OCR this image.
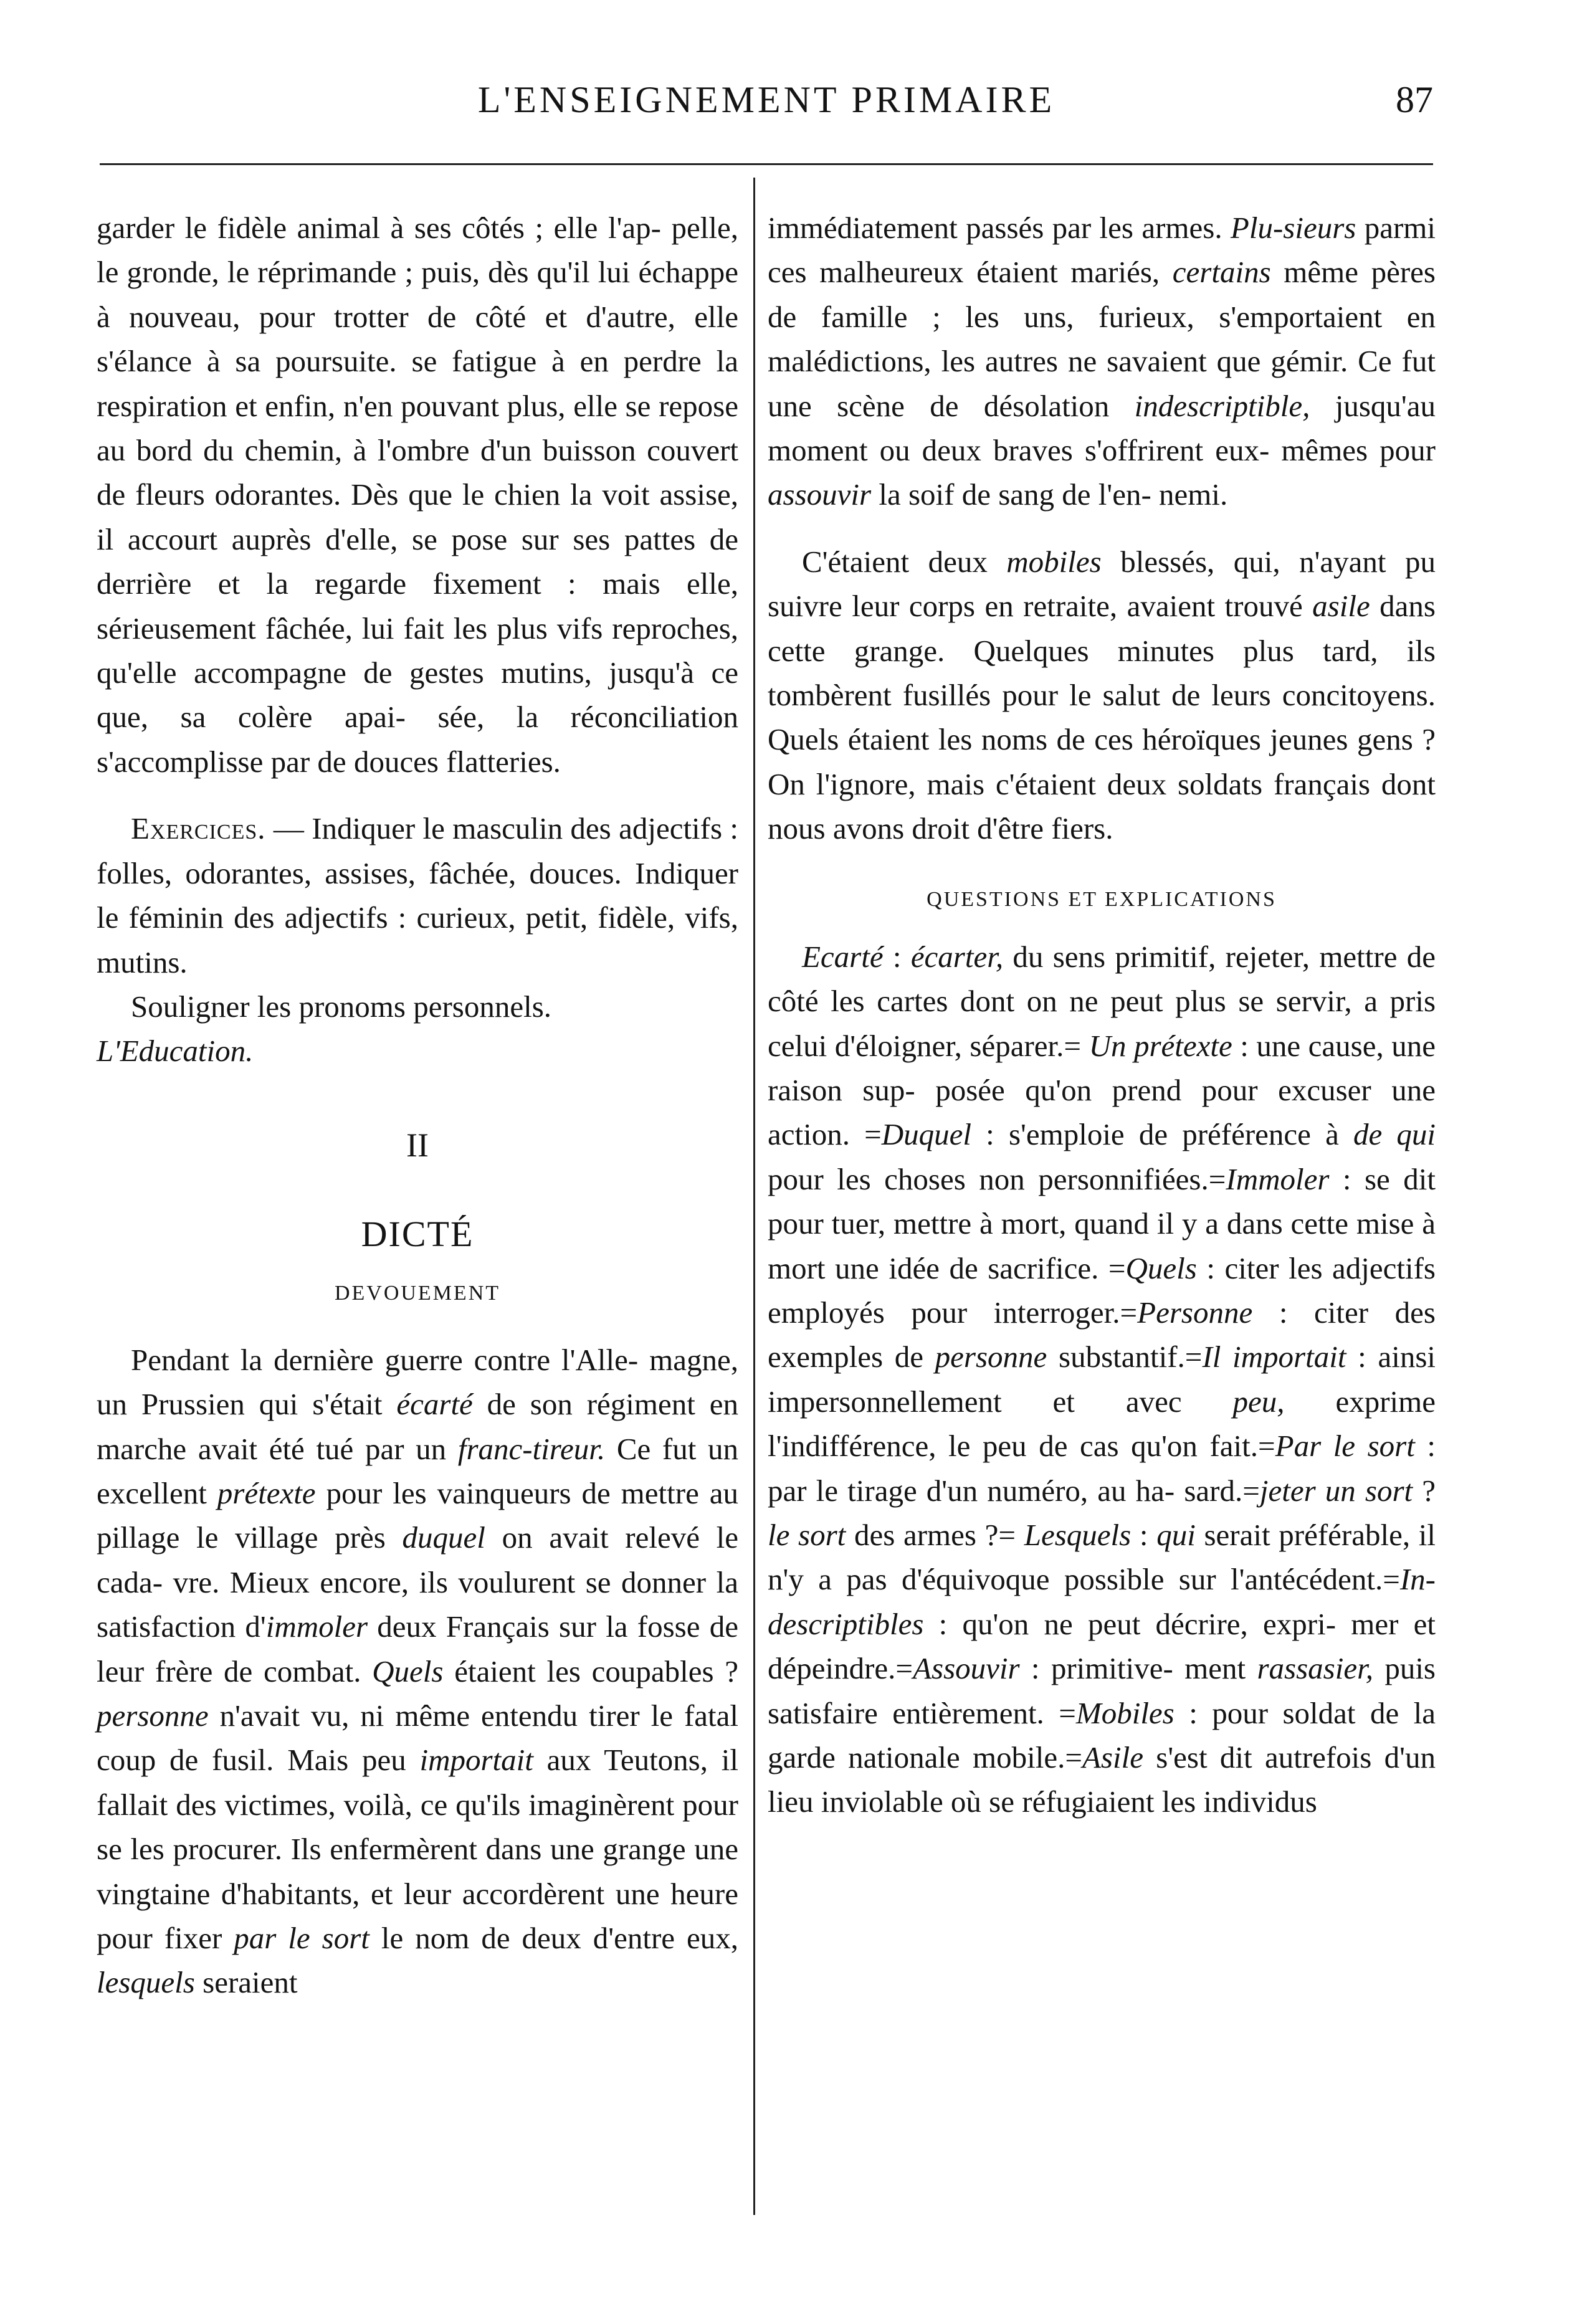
L'ENSEIGNEMENT PRIMAIRE	87

garder le fidèle animal à ses côtés ; elle l'ap- pelle, le gronde, le réprimande ; puis, dès qu'il lui échappe à nouveau, pour trotter de côté et d'autre, elle s'élance à sa poursuite. se fatigue à en perdre la respiration et enfin, n'en pouvant plus, elle se repose au bord du chemin, à l'ombre d'un buisson couvert de fleurs odorantes. Dès que le chien la voit assise, il accourt auprès d'elle, se pose sur ses pattes de derrière et la regarde fixement : mais elle, sérieusement fâchée, lui fait les plus vifs reproches, qu'elle accompagne de gestes mutins, jusqu'à ce que, sa colère apai- sée, la réconciliation s'accomplisse par de douces flatteries.

Exercices. — Indiquer le masculin des adjectifs : folles, odorantes, assises, fâchée, douces. Indiquer le féminin des adjectifs : curieux, petit, fidèle, vifs, mutins.

Souligner les pronoms personnels.

L'Education.

II

DICTÉ

DEVOUEMENT

Pendant la dernière guerre contre l'Alle- magne, un Prussien qui s'était écarté de son régiment en marche avait été tué par un franc-tireur. Ce fut un excellent prétexte pour les vainqueurs de mettre au pillage le village près duquel on avait relevé le cada- vre. Mieux encore, ils voulurent se donner la satisfaction d'immoler deux Français sur la fosse de leur frère de combat. Quels étaient les coupables ? personne n'avait vu, ni même entendu tirer le fatal coup de fusil. Mais peu importait aux Teutons, il fallait des victimes, voilà, ce qu'ils imaginèrent pour se les procurer. Ils enfermèrent dans une grange une vingtaine d'habitants, et leur accordèrent une heure pour fixer par le sort le nom de deux d'entre eux, lesquels seraient

immédiatement passés par les armes. Plu-sieurs parmi ces malheureux étaient mariés, certains même pères de famille ; les uns, furieux, s'emportaient en malédictions, les autres ne savaient que gémir. Ce fut une scène de désolation indescriptible, jusqu'au moment ou deux braves s'offrirent eux- mêmes pour assouvir la soif de sang de l'en- nemi.

C'étaient deux mobiles blessés, qui, n'ayant pu suivre leur corps en retraite, avaient trouvé asile dans cette grange. Quelques minutes plus tard, ils tombèrent fusillés pour le salut de leurs concitoyens. Quels étaient les noms de ces héroïques jeunes gens ? On l'ignore, mais c'étaient deux soldats français dont nous avons droit d'être fiers.

QUESTIONS ET EXPLICATIONS

Ecarté : écarter, du sens primitif, rejeter, mettre de côté les cartes dont on ne peut plus se servir, a pris celui d'éloigner, séparer.= Un prétexte : une cause, une raison sup- posée qu'on prend pour excuser une action. =Duquel : s'emploie de préférence à de qui pour les choses non personnifiées.=Immoler : se dit pour tuer, mettre à mort, quand il y a dans cette mise à mort une idée de sacrifice. =Quels : citer les adjectifs employés pour interroger.=Personne : citer des exemples de personne substantif.=Il importait : ainsi impersonnellement et avec peu, exprime l'indifférence, le peu de cas qu'on fait.=Par le sort : par le tirage d'un numéro, au ha- sard.=jeter un sort ? le sort des armes ?= Lesquels : qui serait préférable, il n'y a pas d'équivoque possible sur l'antécédent.=In-descriptibles : qu'on ne peut décrire, expri- mer et dépeindre.=Assouvir : primitive- ment rassasier, puis satisfaire entièrement. =Mobiles : pour soldat de la garde nationale mobile.=Asile s'est dit autrefois d'un lieu inviolable où se réfugiaient les individus
